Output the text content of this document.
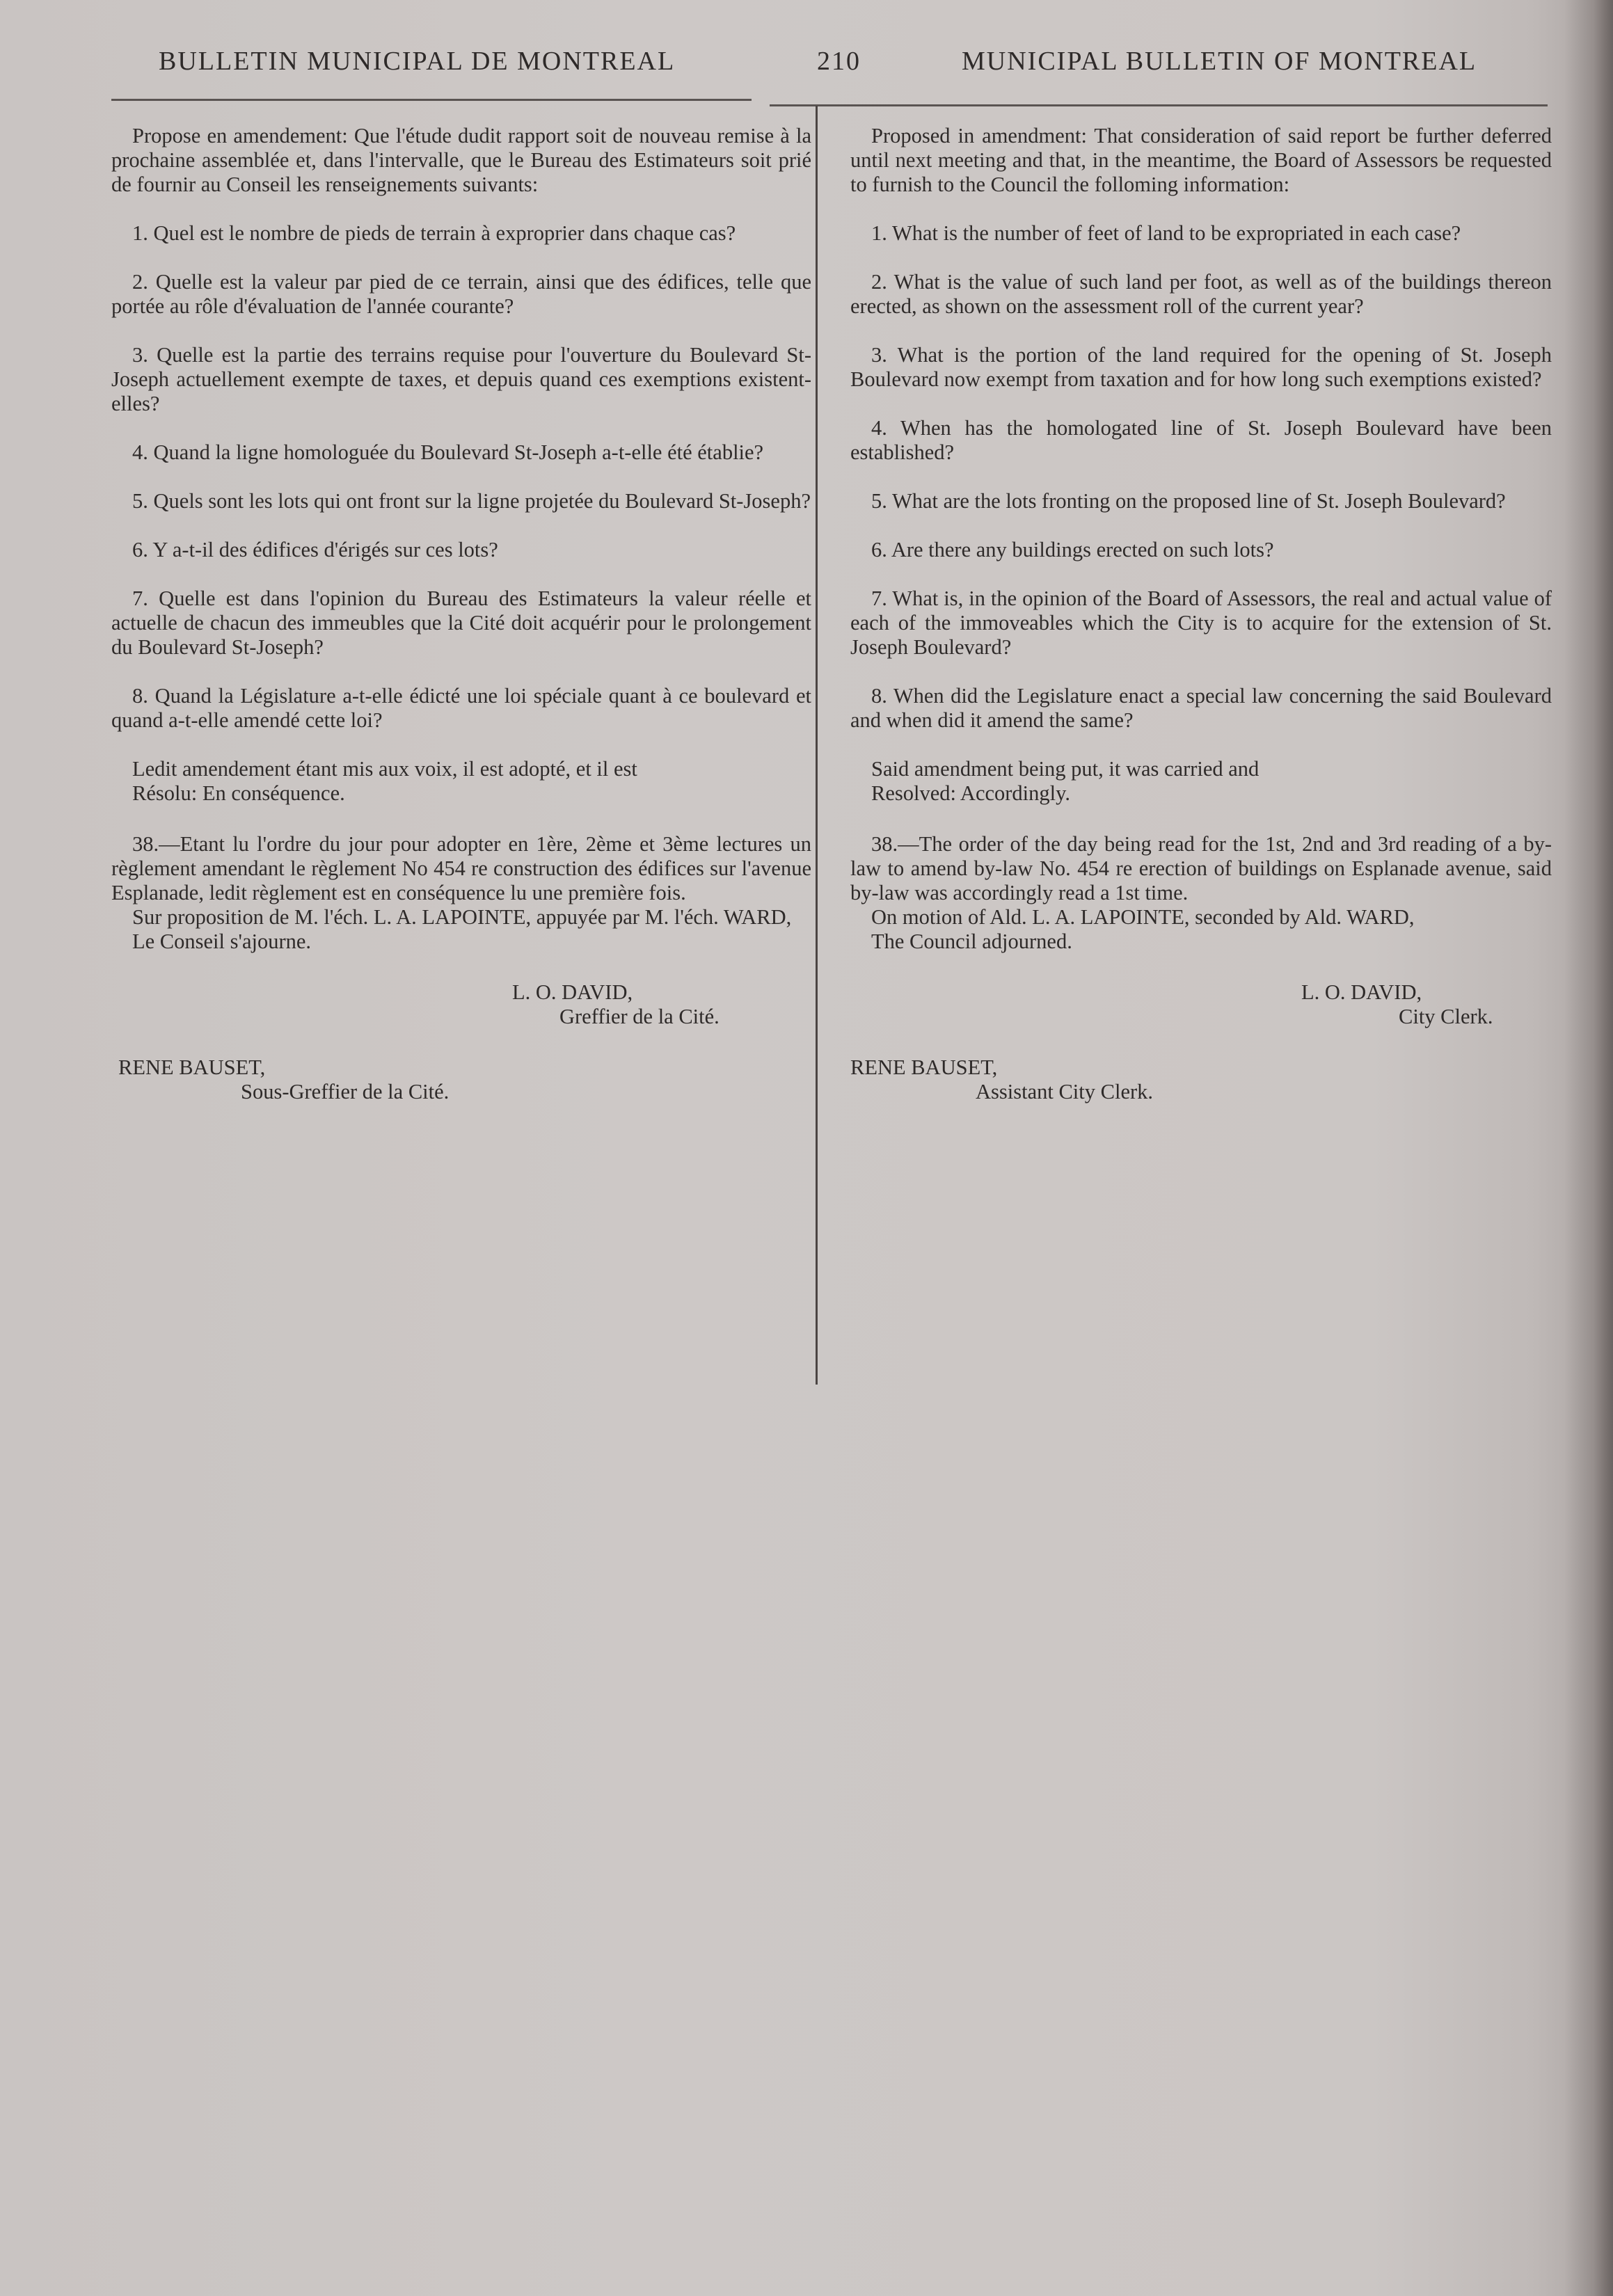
BULLETIN MUNICIPAL DE MONTREAL	210	MUNICIPAL BULLETIN OF MONTREAL

Propose en amendement: Que l'étude dudit rapport soit de nouveau remise à la prochaine assemblée et, dans l'intervalle, que le Bureau des Estimateurs soit prié de fournir au Conseil les renseignements suivants:

1. Quel est le nombre de pieds de terrain à exproprier dans chaque cas?

2. Quelle est la valeur par pied de ce terrain, ainsi que des édifices, telle que portée au rôle d'évaluation de l'année courante?

3. Quelle est la partie des terrains requise pour l'ouverture du Boulevard St-Joseph actuellement exempte de taxes, et depuis quand ces exemptions existent-elles?

4. Quand la ligne homologuée du Boulevard St-Joseph a-t-elle été établie?

5. Quels sont les lots qui ont front sur la ligne projetée du Boulevard St-Joseph?

6. Y a-t-il des édifices d'érigés sur ces lots?

7. Quelle est dans l'opinion du Bureau des Estimateurs la valeur réelle et actuelle de chacun des immeubles que la Cité doit acquérir pour le prolongement du Boulevard St-Joseph?

8. Quand la Législature a-t-elle édicté une loi spéciale quant à ce boulevard et quand a-t-elle amendé cette loi?

Ledit amendement étant mis aux voix, il est adopté, et il est

Résolu: En conséquence.

38.—Etant lu l'ordre du jour pour adopter en 1ère, 2ème et 3ème lectures un règlement amendant le règlement No 454 re construction des édifices sur l'avenue Esplanade, ledit règlement est en conséquence lu une première fois.

Sur proposition de M. l'éch. L. A. LAPOINTE, appuyée par M. l'éch. WARD,

Le Conseil s'ajourne.

L. O. DAVID,
Greffier de la Cité.

RENE BAUSET,
Sous-Greffier de la Cité.

Proposed in amendment: That consideration of said report be further deferred until next meeting and that, in the meantime, the Board of Assessors be requested to furnish to the Council the folloming information:

1. What is the number of feet of land to be expropriated in each case?

2. What is the value of such land per foot, as well as of the buildings thereon erected, as shown on the assessment roll of the current year?

3. What is the portion of the land required for the opening of St. Joseph Boulevard now exempt from taxation and for how long such exemptions existed?

4. When has the homologated line of St. Joseph Boulevard have been established?

5. What are the lots fronting on the proposed line of St. Joseph Boulevard?

6. Are there any buildings erected on such lots?

7. What is, in the opinion of the Board of Assessors, the real and actual value of each of the immoveables which the City is to acquire for the extension of St. Joseph Boulevard?

8. When did the Legislature enact a special law concerning the said Boulevard and when did it amend the same?

Said amendment being put, it was carried and

Resolved: Accordingly.

38.—The order of the day being read for the 1st, 2nd and 3rd reading of a by-law to amend by-law No. 454 re erection of buildings on Esplanade avenue, said by-law was accordingly read a 1st time.

On motion of Ald. L. A. LAPOINTE, seconded by Ald. WARD,

The Council adjourned.

L. O. DAVID,
City Clerk.

RENE BAUSET,
Assistant City Clerk.
